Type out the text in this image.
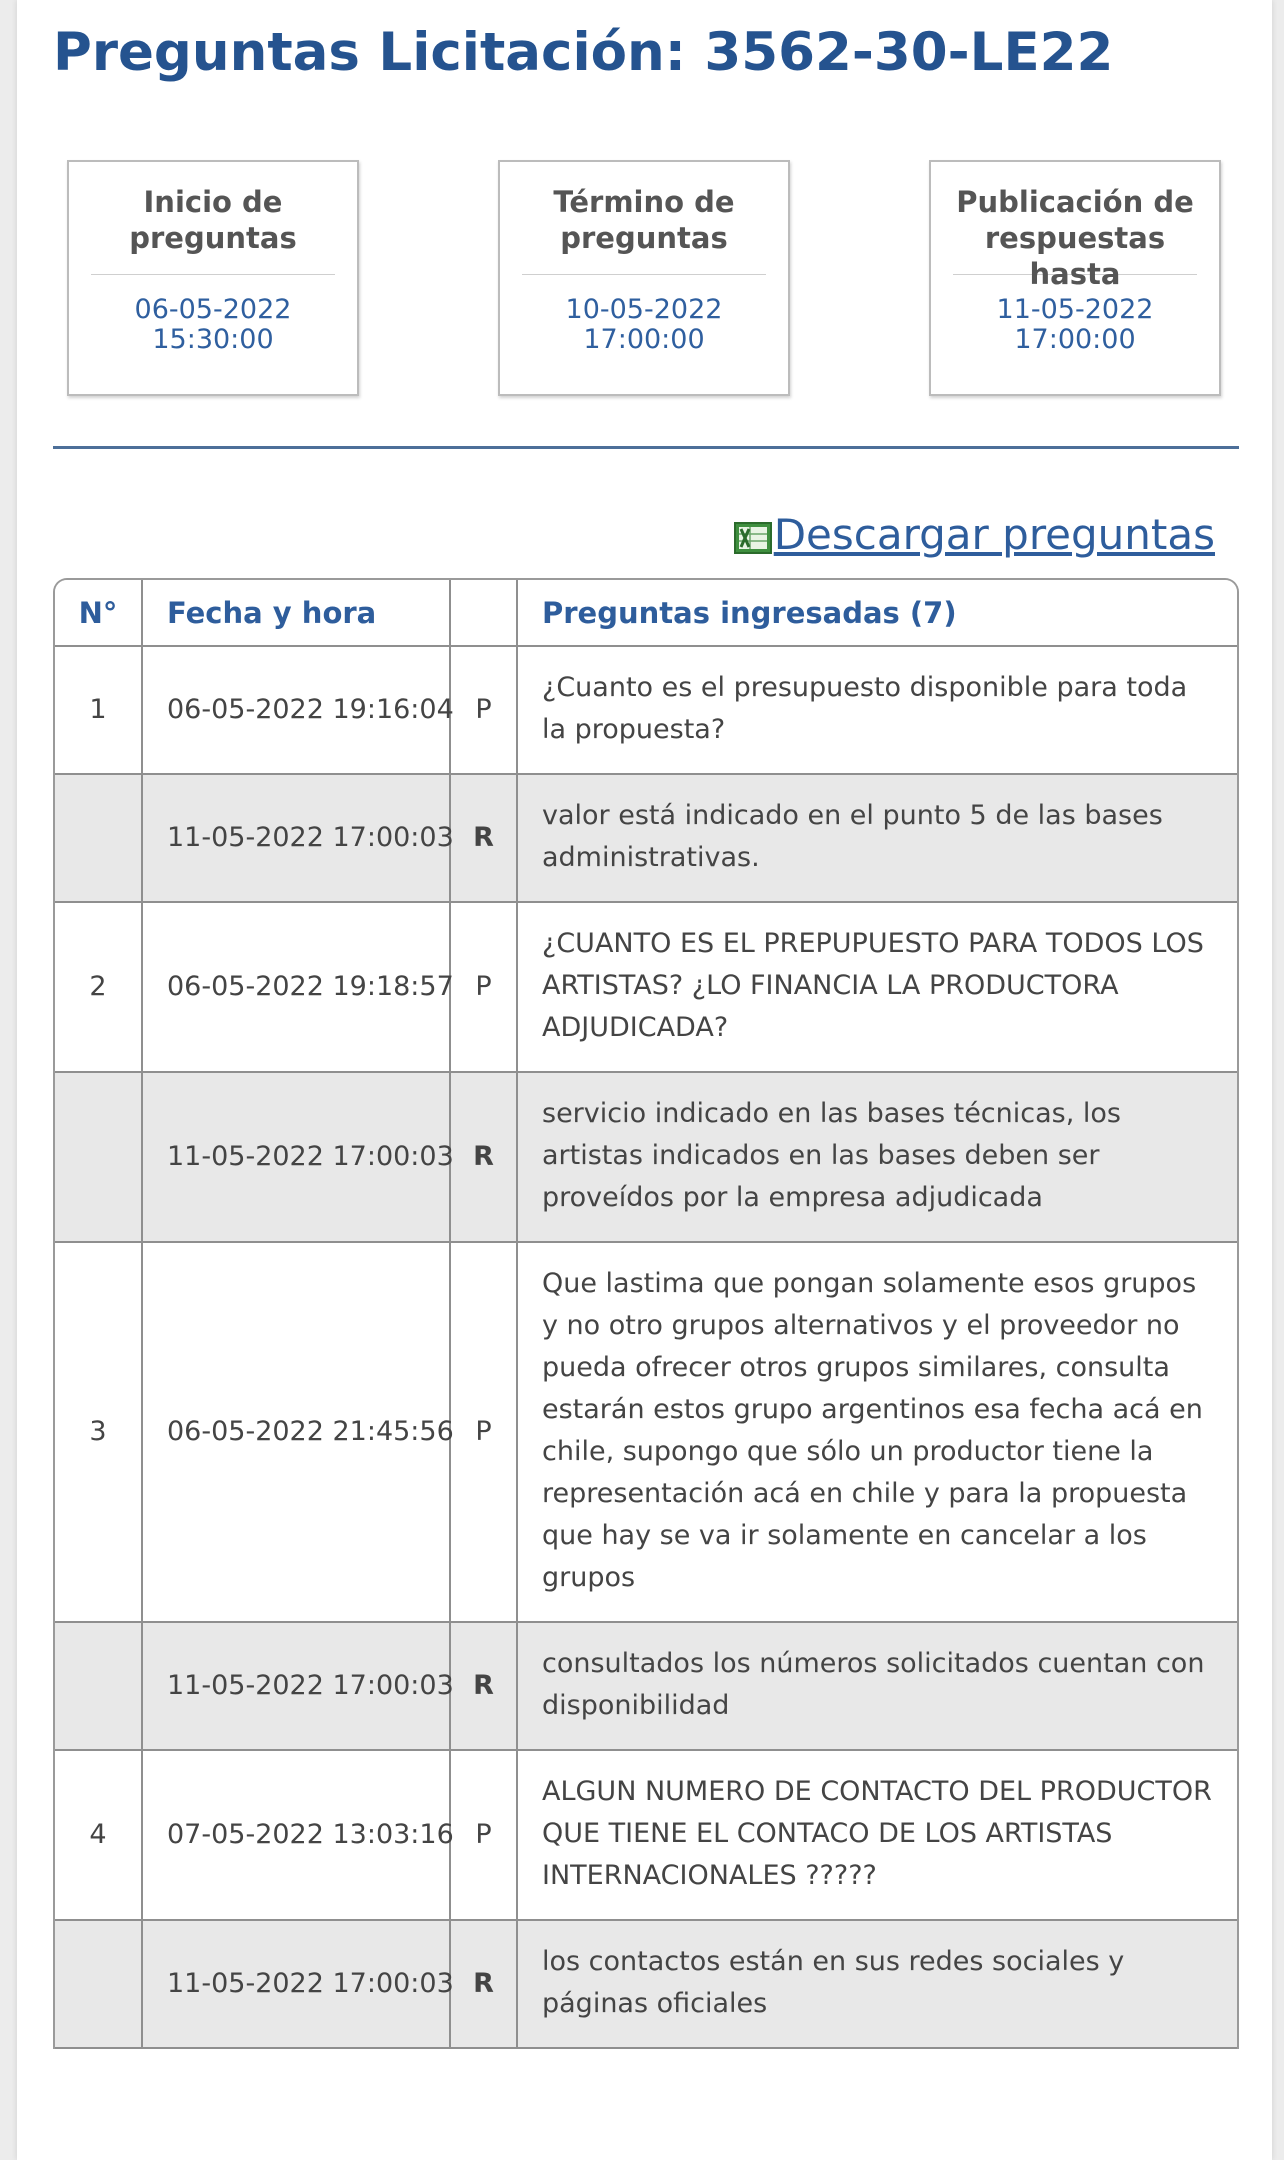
Preguntas Licitación: 3562-30-LE22
Inicio de preguntas
06-05-2022
15:30:00
Término de preguntas
10-05-2022
17:00:00
Publicación de respuestas hasta
11-05-2022
17:00:00
Descargar preguntas
N°	Fecha y hora		Preguntas ingresadas (7)
1	06-05-2022 19:16:04	P	¿Cuanto es el presupuesto disponible para toda la propuesta?
	11-05-2022 17:00:03	R	valor está indicado en el punto 5 de las bases administrativas.
2	06-05-2022 19:18:57	P	¿CUANTO ES EL PREPUPUESTO PARA TODOS LOS ARTISTAS? ¿LO FINANCIA LA PRODUCTORA ADJUDICADA?
	11-05-2022 17:00:03	R	servicio indicado en las bases técnicas, los artistas indicados en las bases deben ser proveídos por la empresa adjudicada
3	06-05-2022 21:45:56	P	Que lastima que pongan solamente esos grupos y no otro grupos alternativos y el proveedor no pueda ofrecer otros grupos similares, consulta estarán estos grupo argentinos esa fecha acá en chile, supongo que sólo un productor tiene la representación acá en chile y para la propuesta que hay se va ir solamente en cancelar a los grupos
	11-05-2022 17:00:03	R	consultados los números solicitados cuentan con disponibilidad
4	07-05-2022 13:03:16	P	ALGUN NUMERO DE CONTACTO DEL PRODUCTOR QUE TIENE EL CONTACO DE LOS ARTISTAS INTERNACIONALES ?????
	11-05-2022 17:00:03	R	los contactos están en sus redes sociales y páginas oficiales
